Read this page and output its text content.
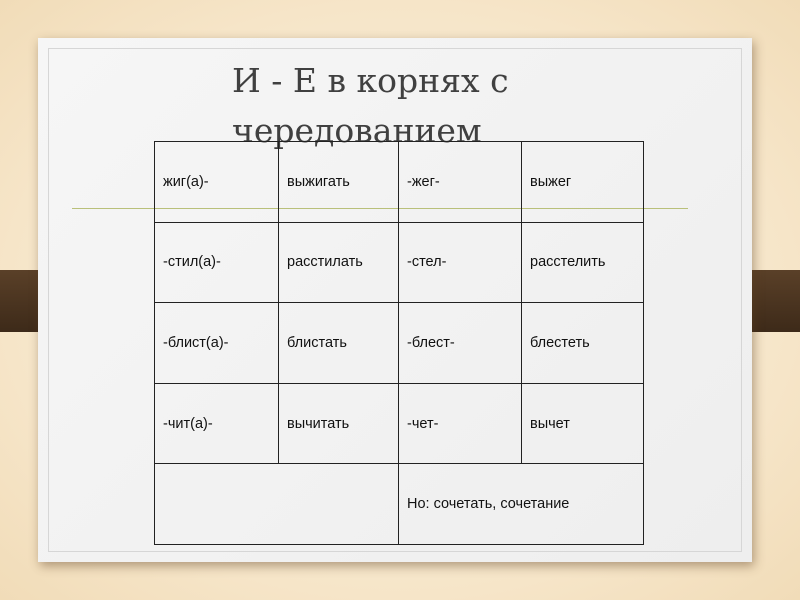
И - Е в корнях с чередованием
жиг(а)-	выжигать	-жег-	выжег
-стил(а)-	расстилать	-стел-	расстелить
-блист(а)-	блистать	-блест-	блестеть
-чит(а)-	вычитать	-чет-	вычет
		Но: сочетать, сочетание	
